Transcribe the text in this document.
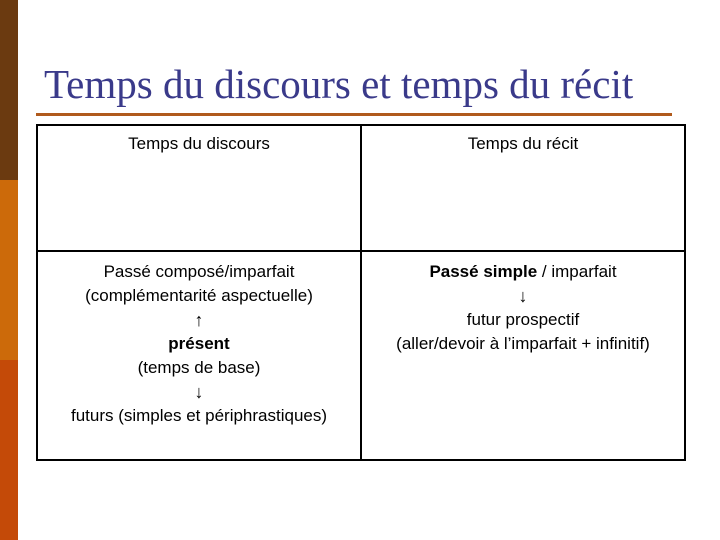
Temps du discours et temps du récit
Temps du discours	Temps du récit
Passé composé/imparfait
(complémentarité aspectuelle)
↑
présent
(temps de base)
↓
futurs (simples et périphrastiques)
Passé simple / imparfait
↓
futur prospectif
(aller/devoir à l’imparfait + infinitif)
